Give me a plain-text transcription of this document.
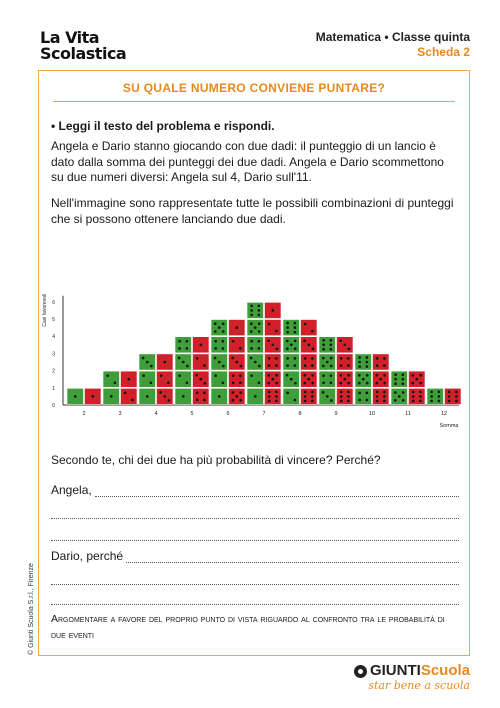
La Vita
Scolastica
Matematica • Classe quinta
Scheda 2
SU QUALE NUMERO CONVIENE PUNTARE?
• Leggi il testo del problema e rispondi.
Angela e Dario stanno giocando con due dadi: il punteggio di un lancio è dato dalla somma dei punteggi dei due dadi. Angela e Dario scommettono su due numeri diversi: Angela sul 4, Dario sull'11.
Nell'immagine sono rappresentate tutte le possibili combinazioni di punteggi che si possono ottenere lanciando due dadi.
0
1
2
3
4
5
6
Casi favorevoli
2	3	4	5	6	7	8	9	10	11	12
Somma
Secondo te, chi dei due ha più probabilità di vincere? Perché?
Angela,
Dario, perché
Argomentare a favore del proprio punto di vista riguardo al confronto tra le probabilità di due eventi
© Giunti Scuola S.r.l., Firenze
GIUNTIScuola
star bene a scuola
